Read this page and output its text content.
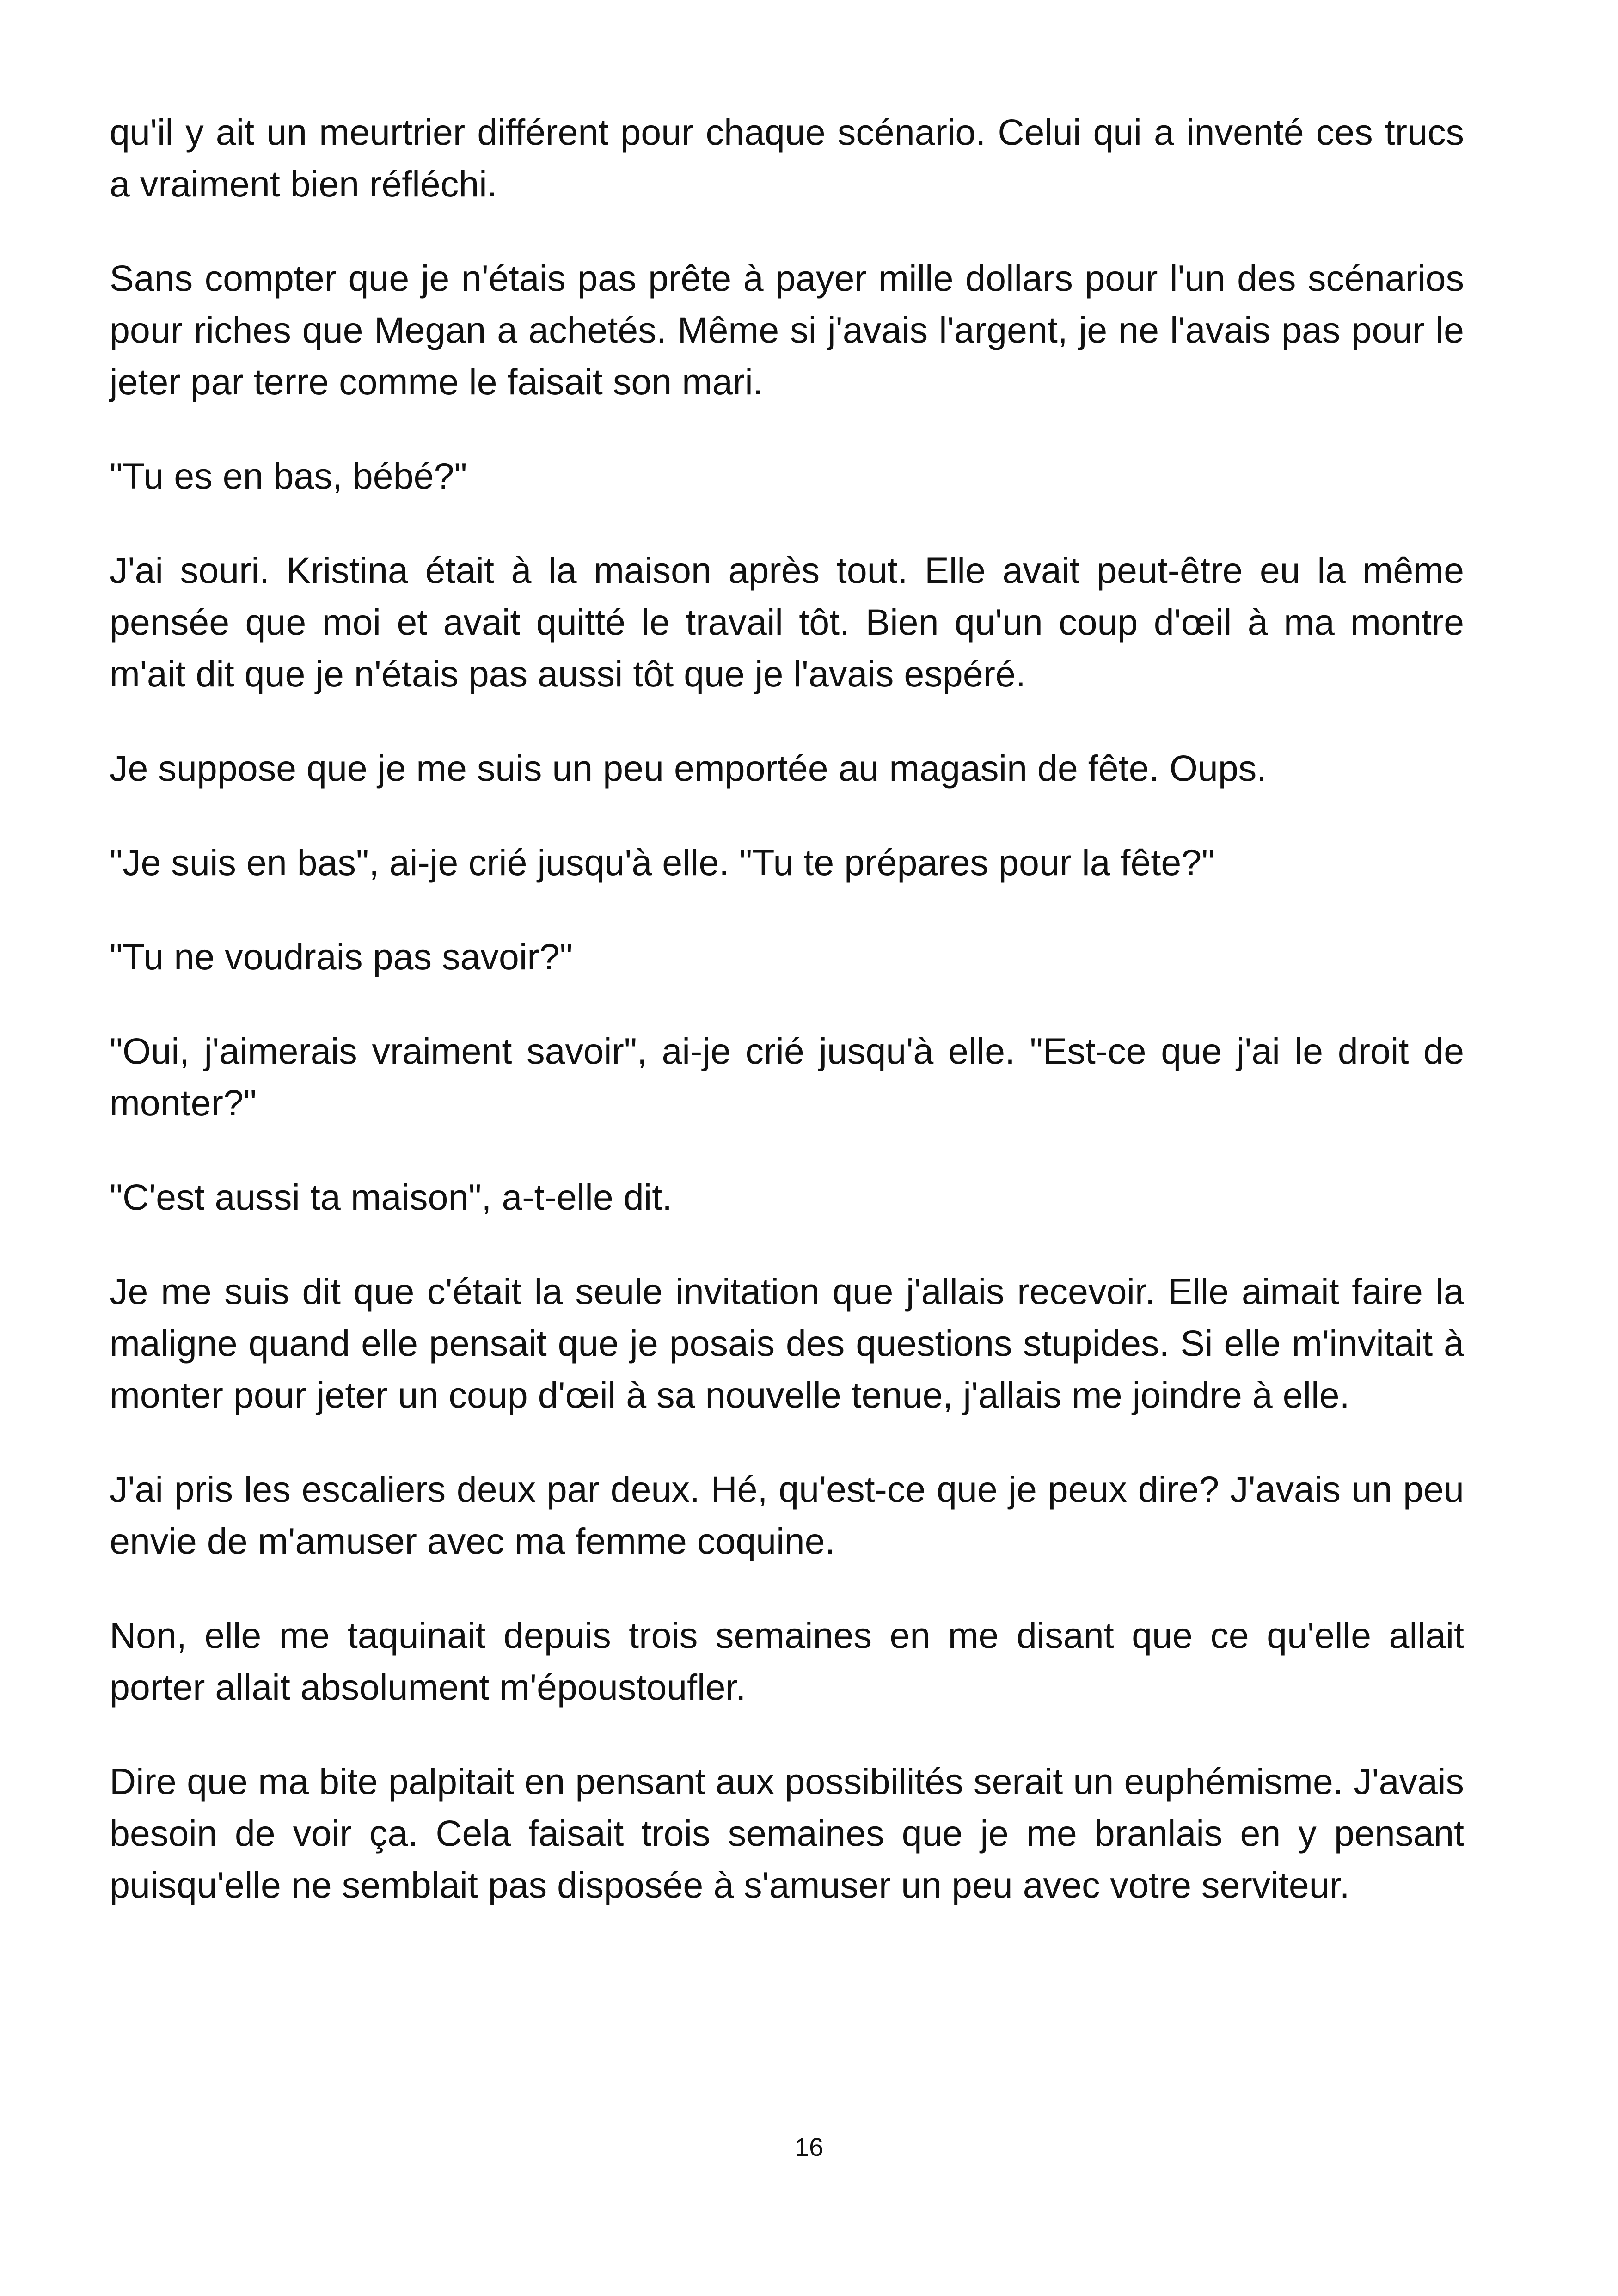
qu'il y ait un meurtrier différent pour chaque scénario. Celui qui a inventé ces trucs a vraiment bien réfléchi.

Sans compter que je n'étais pas prête à payer mille dollars pour l'un des scénarios pour riches que Megan a achetés. Même si j'avais l'argent, je ne l'avais pas pour le jeter par terre comme le faisait son mari.

"Tu es en bas, bébé?"

J'ai souri. Kristina était à la maison après tout. Elle avait peut-être eu la même pensée que moi et avait quitté le travail tôt. Bien qu'un coup d'œil à ma montre m'ait dit que je n'étais pas aussi tôt que je l'avais espéré.

Je suppose que je me suis un peu emportée au magasin de fête. Oups.

"Je suis en bas", ai-je crié jusqu'à elle. "Tu te prépares pour la fête?"

"Tu ne voudrais pas savoir?"

"Oui, j'aimerais vraiment savoir", ai-je crié jusqu'à elle. "Est-ce que j'ai le droit de monter?"

"C'est aussi ta maison", a-t-elle dit.

Je me suis dit que c'était la seule invitation que j'allais recevoir. Elle aimait faire la maligne quand elle pensait que je posais des questions stupides. Si elle m'invitait à monter pour jeter un coup d'œil à sa nouvelle tenue, j'allais me joindre à elle.

J'ai pris les escaliers deux par deux. Hé, qu'est-ce que je peux dire? J'avais un peu envie de m'amuser avec ma femme coquine.

Non, elle me taquinait depuis trois semaines en me disant que ce qu'elle allait porter allait absolument m'époustoufler.

Dire que ma bite palpitait en pensant aux possibilités serait un euphémisme. J'avais besoin de voir ça. Cela faisait trois semaines que je me branlais en y pensant puisqu'elle ne semblait pas disposée à s'amuser un peu avec votre serviteur.

16
